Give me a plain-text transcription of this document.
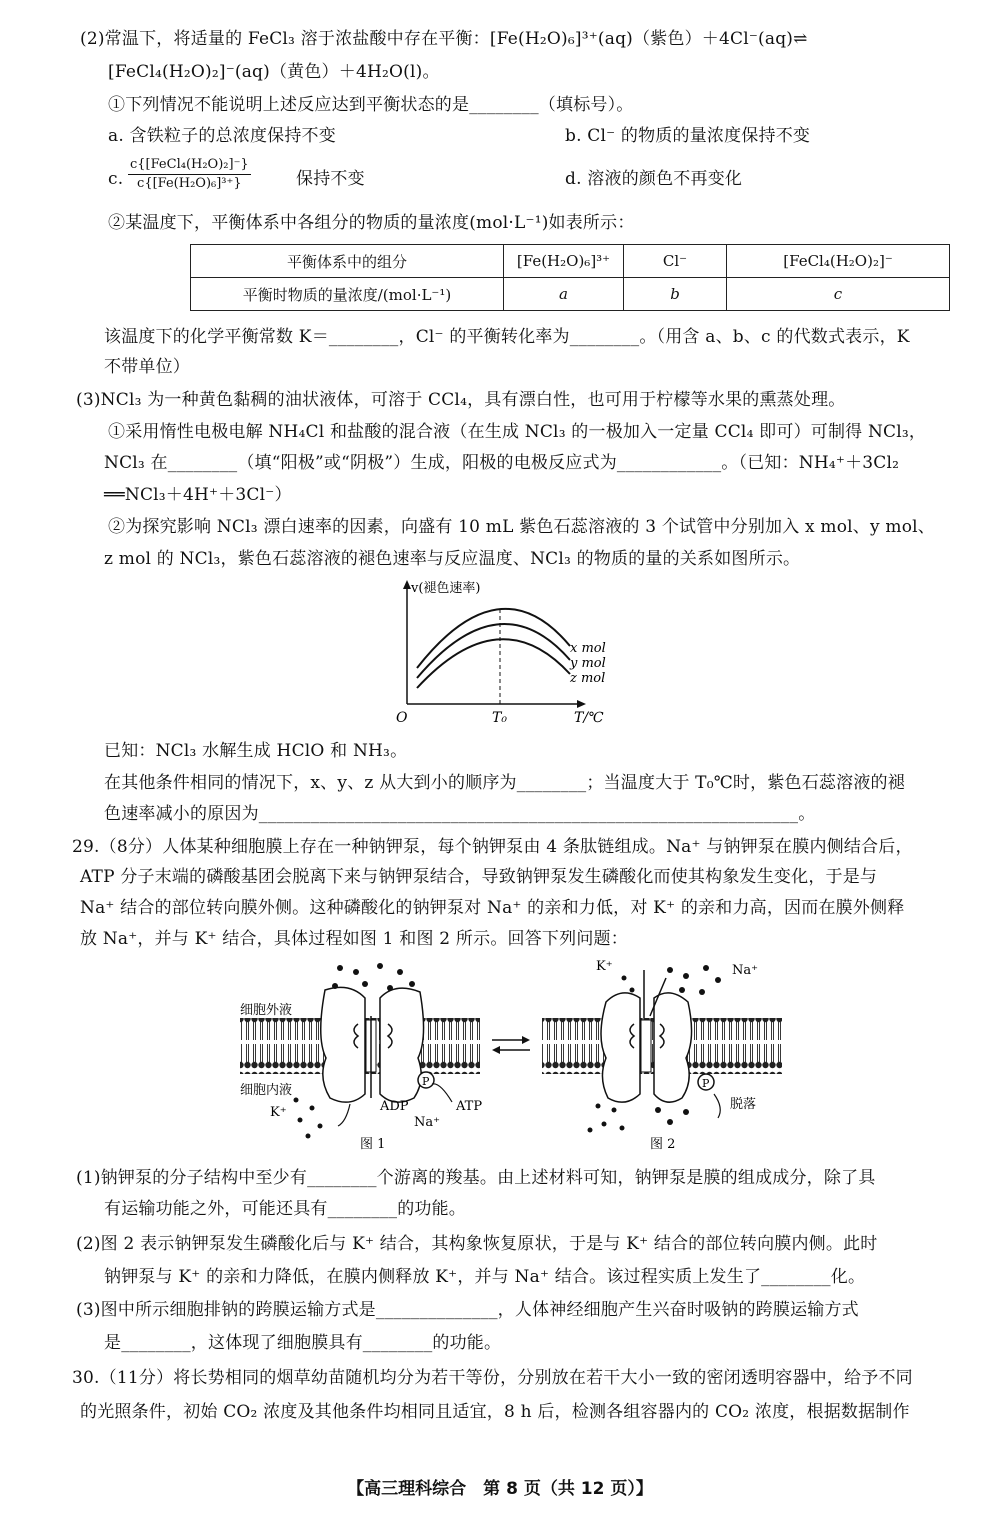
(2)常温下，将适量的 FeCl₃ 溶于浓盐酸中存在平衡：[Fe(H₂O)₆]³⁺(aq)（紫色）＋4Cl⁻(aq)⇌
[FeCl₄(H₂O)₂]⁻(aq)（黄色）＋4H₂O(l)。
①下列情况不能说明上述反应达到平衡状态的是________（填标号）。
a. 含铁粒子的总浓度保持不变	b. Cl⁻ 的物质的量浓度保持不变
c.
c{[FeCl₄(H₂O)₂]⁻}
c{[Fe(H₂O)₆]³⁺}	保持不变	d. 溶液的颜色不再变化
②某温度下，平衡体系中各组分的物质的量浓度(mol·L⁻¹)如表所示：
平衡体系中的组分	[Fe(H₂O)₆]³⁺	Cl⁻	[FeCl₄(H₂O)₂]⁻
平衡时物质的量浓度/(mol·L⁻¹)	a	b	c
该温度下的化学平衡常数 K＝________，Cl⁻ 的平衡转化率为________。（用含 a、b、c 的代数式表示，K
不带单位）
(3)NCl₃ 为一种黄色黏稠的油状液体，可溶于 CCl₄，具有漂白性，也可用于柠檬等水果的熏蒸处理。
①采用惰性电极电解 NH₄Cl 和盐酸的混合液（在生成 NCl₃ 的一极加入一定量 CCl₄ 即可）可制得 NCl₃，
NCl₃ 在________（填“阳极”或“阴极”）生成，阳极的电极反应式为____________。（已知：NH₄⁺＋3Cl₂
══NCl₃＋4H⁺＋3Cl⁻）
②为探究影响 NCl₃ 漂白速率的因素，向盛有 10 mL 紫色石蕊溶液的 3 个试管中分别加入 x mol、y mol、
z mol 的 NCl₃，紫色石蕊溶液的褪色速率与反应温度、NCl₃ 的物质的量的关系如图所示。
v(褪色速率)
x mol
y mol
z mol
O	T₀	T/℃
已知：NCl₃ 水解生成 HClO 和 NH₃。
在其他条件相同的情况下，x、y、z 从大到小的顺序为________；当温度大于 T₀℃时，紫色石蕊溶液的褪
色速率减小的原因为______________________________________________________________。
29.（8分）人体某种细胞膜上存在一种钠钾泵，每个钠钾泵由 4 条肽链组成。Na⁺ 与钠钾泵在膜内侧结合后，
ATP 分子末端的磷酸基团会脱离下来与钠钾泵结合，导致钠钾泵发生磷酸化而使其构象发生变化，于是与
Na⁺ 结合的部位转向膜外侧。这种磷酸化的钠钾泵对 Na⁺ 的亲和力低，对 K⁺ 的亲和力高，因而在膜外侧释
放 Na⁺，并与 K⁺ 结合，具体过程如图 1 和图 2 所示。回答下列问题：
P
细胞外液
细胞内液
K⁺	ADP	ATP
Na⁺
图 1
P
K⁺	Na⁺
脱落
图 2
(1)钠钾泵的分子结构中至少有________个游离的羧基。由上述材料可知，钠钾泵是膜的组成成分，除了具
有运输功能之外，可能还具有________的功能。
(2)图 2 表示钠钾泵发生磷酸化后与 K⁺ 结合，其构象恢复原状，于是与 K⁺ 结合的部位转向膜内侧。此时
钠钾泵与 K⁺ 的亲和力降低，在膜内侧释放 K⁺，并与 Na⁺ 结合。该过程实质上发生了________化。
(3)图中所示细胞排钠的跨膜运输方式是______________，人体神经细胞产生兴奋时吸钠的跨膜运输方式
是________，这体现了细胞膜具有________的功能。
30.（11分）将长势相同的烟草幼苗随机均分为若干等份，分别放在若干大小一致的密闭透明容器中，给予不同
的光照条件，初始 CO₂ 浓度及其他条件均相同且适宜，8 h 后，检测各组容器内的 CO₂ 浓度，根据数据制作
【高三理科综合　第 8 页（共 12 页）】
